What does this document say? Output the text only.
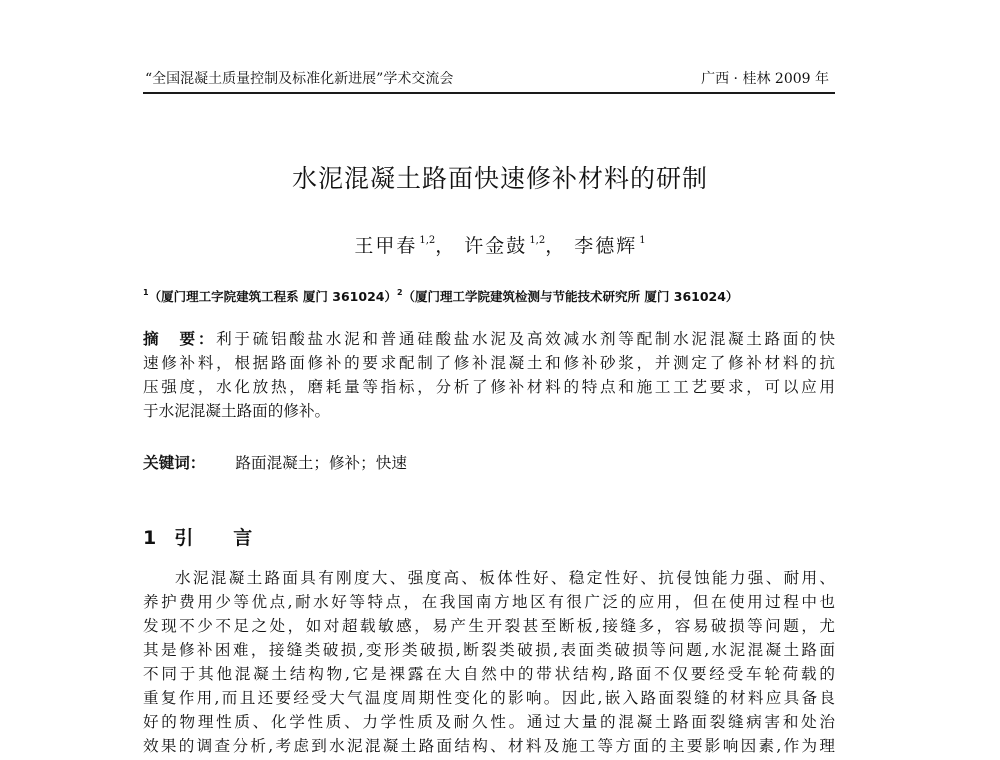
“全国混凝土质量控制及标准化新进展”学术交流会	广西 · 桂林 2009 年
水泥混凝土路面快速修补材料的研制
王甲春 $^{1,2}$， 许金鼓 $^{1,2}$， 李德辉 $^1$
$^1$（厦门理工字院建筑工程系 厦门 361024）$^2$（厦门理工学院建筑检测与节能技术研究所 厦门 361024）
摘　要：利于硫铝酸盐水泥和普通硅酸盐水泥及高效减水剂等配制水泥混凝土路面的快
速修补料，根据路面修补的要求配制了修补混凝土和修补砂浆，并测定了修补材料的抗
压强度，水化放热，磨耗量等指标，分析了修补材料的特点和施工工艺要求，可以应用
于水泥混凝土路面的修补。
关键词： 路面混凝土；修补；快速
1 引 言
水泥混凝土路面具有刚度大、强度高、板体性好、稳定性好、抗侵蚀能力强、耐用、
养护费用少等优点,耐水好等特点，在我国南方地区有很广泛的应用，但在使用过程中也
发现不少不足之处，如对超载敏感，易产生开裂甚至断板,接缝多，容易破损等问题，尤
其是修补困难，接缝类破损,变形类破损,断裂类破损,表面类破损等问题,水泥混凝土路面
不同于其他混凝土结构物,它是裸露在大自然中的带状结构,路面不仅要经受车轮荷载的
重复作用,而且还要经受大气温度周期性变化的影响。因此,嵌入路面裂缝的材料应具备良
好的物理性质、化学性质、力学性质及耐久性。通过大量的混凝土路面裂缝病害和处治
效果的调查分析,考虑到水泥混凝土路面结构、材料及施工等方面的主要影响因素,作为理
